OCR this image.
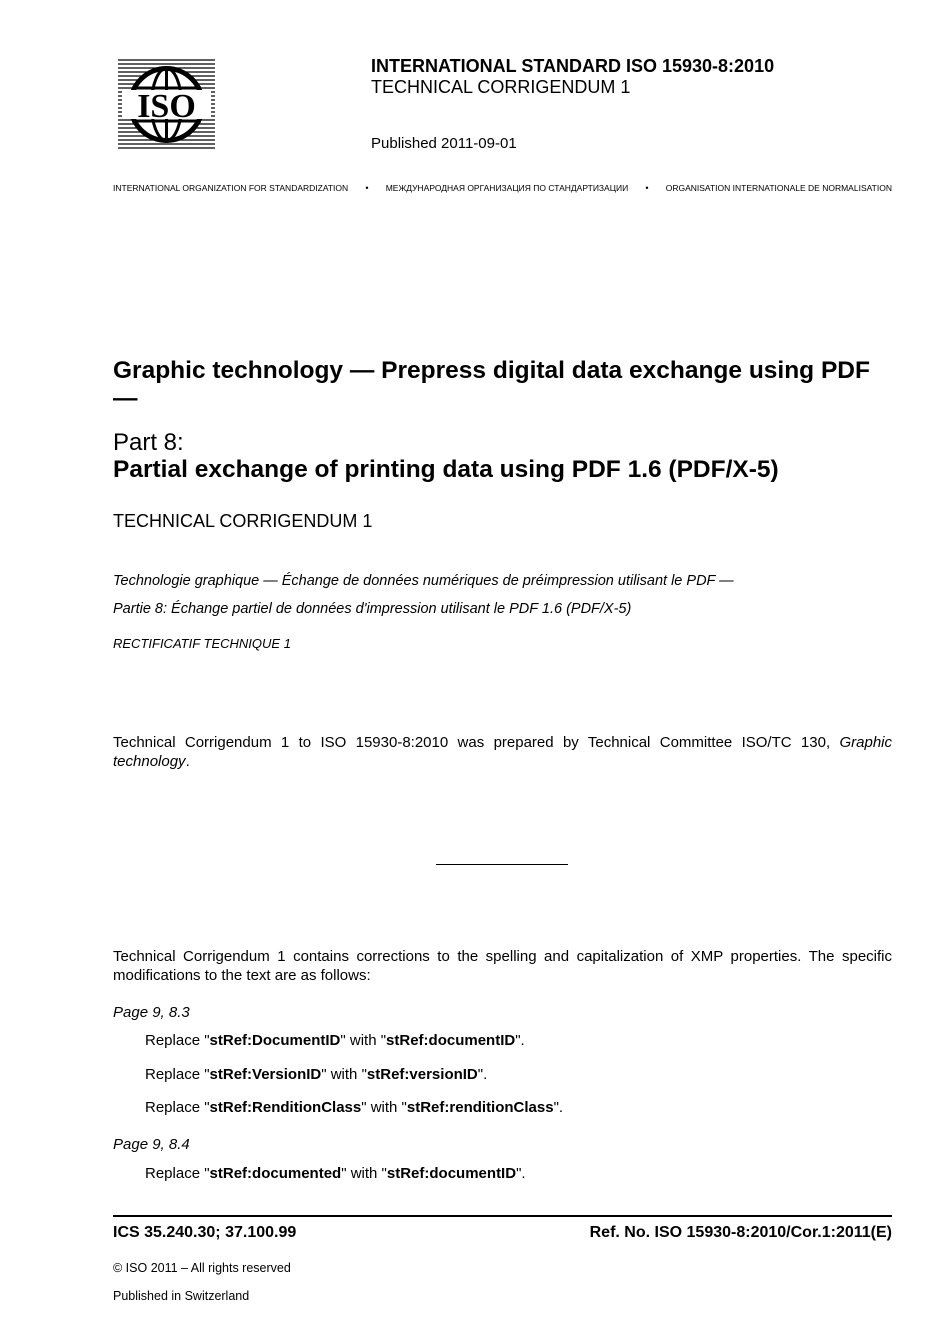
ISO
INTERNATIONAL STANDARD ISO 15930-8:2010
TECHNICAL CORRIGENDUM 1
Published 2011-09-01
INTERNATIONAL ORGANIZATION FOR STANDARDIZATION • МЕЖДУНАРОДНАЯ ОРГАНИЗАЦИЯ ПО СТАНДАРТИЗАЦИИ • ORGANISATION INTERNATIONALE DE NORMALISATION
Graphic technology — Prepress digital data exchange using PDF —
Part 8:
Partial exchange of printing data using PDF 1.6 (PDF/X-5)
TECHNICAL CORRIGENDUM 1
Technologie graphique — Échange de données numériques de préimpression utilisant le PDF —
Partie 8: Échange partiel de données d'impression utilisant le PDF 1.6 (PDF/X-5)
RECTIFICATIF TECHNIQUE 1
Technical Corrigendum 1 to ISO 15930-8:2010 was prepared by Technical Committee ISO/TC 130, Graphic technology.
Technical Corrigendum 1 contains corrections to the spelling and capitalization of XMP properties. The specific modifications to the text are as follows:
Page 9, 8.3
Replace "stRef:DocumentID" with "stRef:documentID".
Replace "stRef:VersionID" with "stRef:versionID".
Replace "stRef:RenditionClass" with "stRef:renditionClass".
Page 9, 8.4
Replace "stRef:documented" with "stRef:documentID".
ICS 35.240.30; 37.100.99	Ref. No. ISO 15930-8:2010/Cor.1:2011(E)
© ISO 2011 – All rights reserved
Published in Switzerland
